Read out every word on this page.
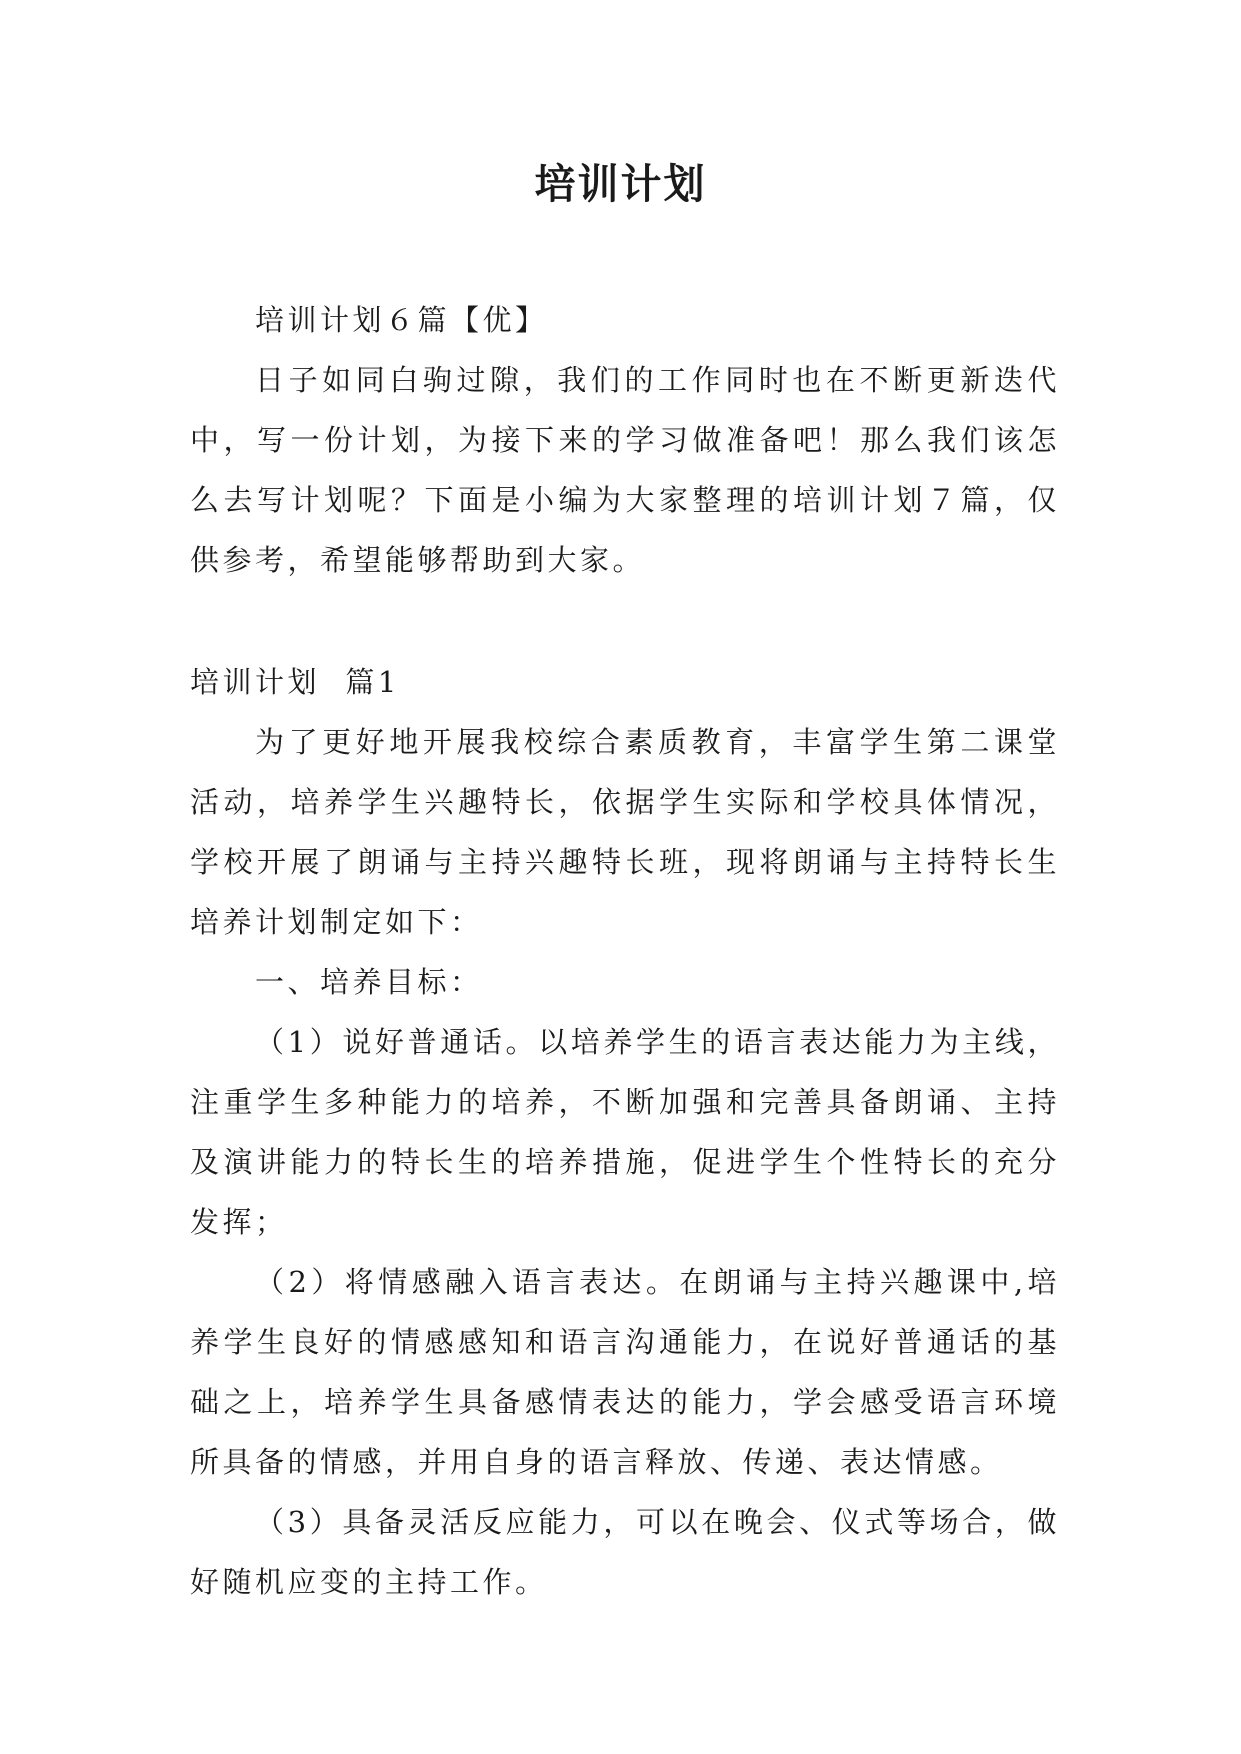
培训计划

培训计划６篇【优】

日子如同白驹过隙，我们的工作同时也在不断更新迭代中，写一份计划，为接下来的学习做准备吧！那么我们该怎么去写计划呢？下面是小编为大家整理的培训计划７篇，仅供参考，希望能够帮助到大家。

培训计划  篇1

为了更好地开展我校综合素质教育，丰富学生第二课堂活动，培养学生兴趣特长，依据学生实际和学校具体情况，学校开展了朗诵与主持兴趣特长班，现将朗诵与主持特长生培养计划制定如下：

一、培养目标：

（1）说好普通话。以培养学生的语言表达能力为主线，注重学生多种能力的培养，不断加强和完善具备朗诵、主持及演讲能力的特长生的培养措施，促进学生个性特长的充分发挥；

（2）将情感融入语言表达。在朗诵与主持兴趣课中,培养学生良好的情感感知和语言沟通能力，在说好普通话的基础之上，培养学生具备感情表达的能力，学会感受语言环境所具备的情感，并用自身的语言释放、传递、表达情感。

（3）具备灵活反应能力，可以在晚会、仪式等场合，做好随机应变的主持工作。
